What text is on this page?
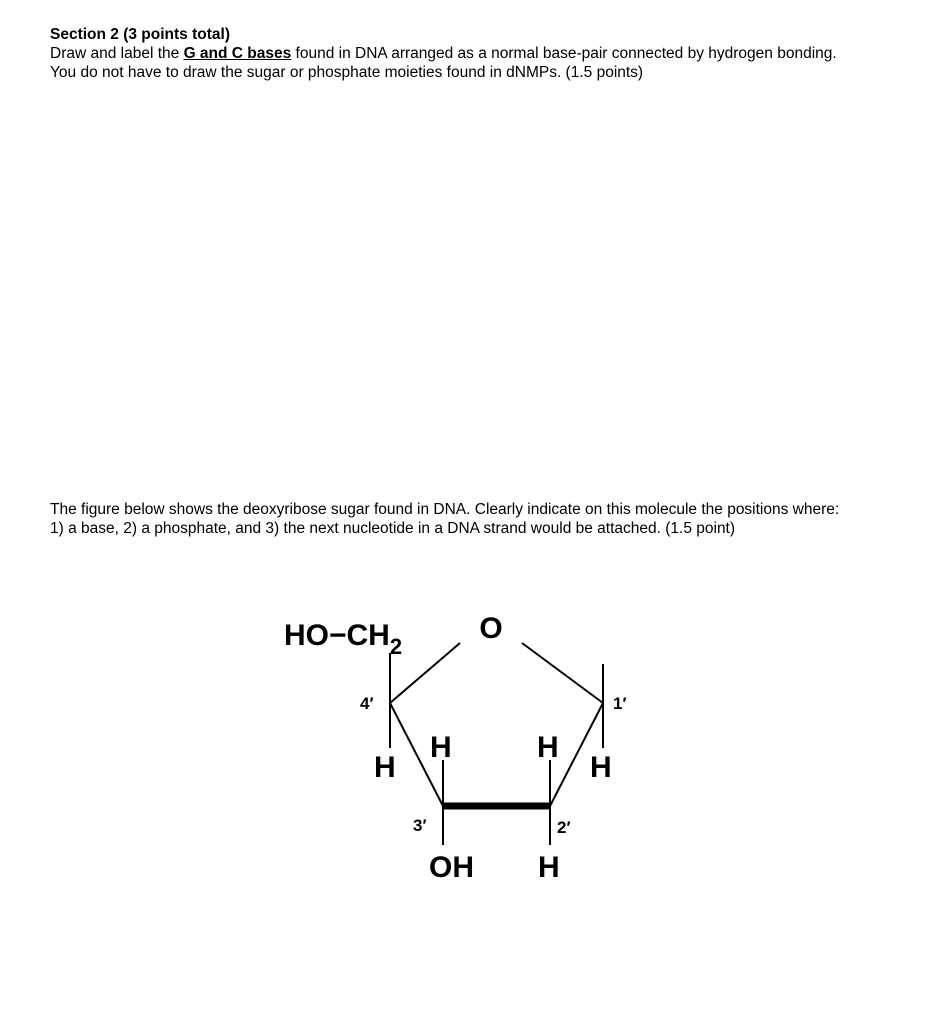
Section 2 (3 points total)
Draw and label the G and C bases found in DNA arranged as a normal base-pair connected by hydrogen bonding. You do not have to draw the sugar or phosphate moieties found in dNMPs. (1.5 points)
The figure below shows the deoxyribose sugar found in DNA. Clearly indicate on this molecule the positions where: 1) a base, 2) a phosphate, and 3) the next nucleotide in a DNA strand would be attached. (1.5 point)
$HO-CH_2$
O
4′	1′
3′	2′
H
H	H
H
OH H
